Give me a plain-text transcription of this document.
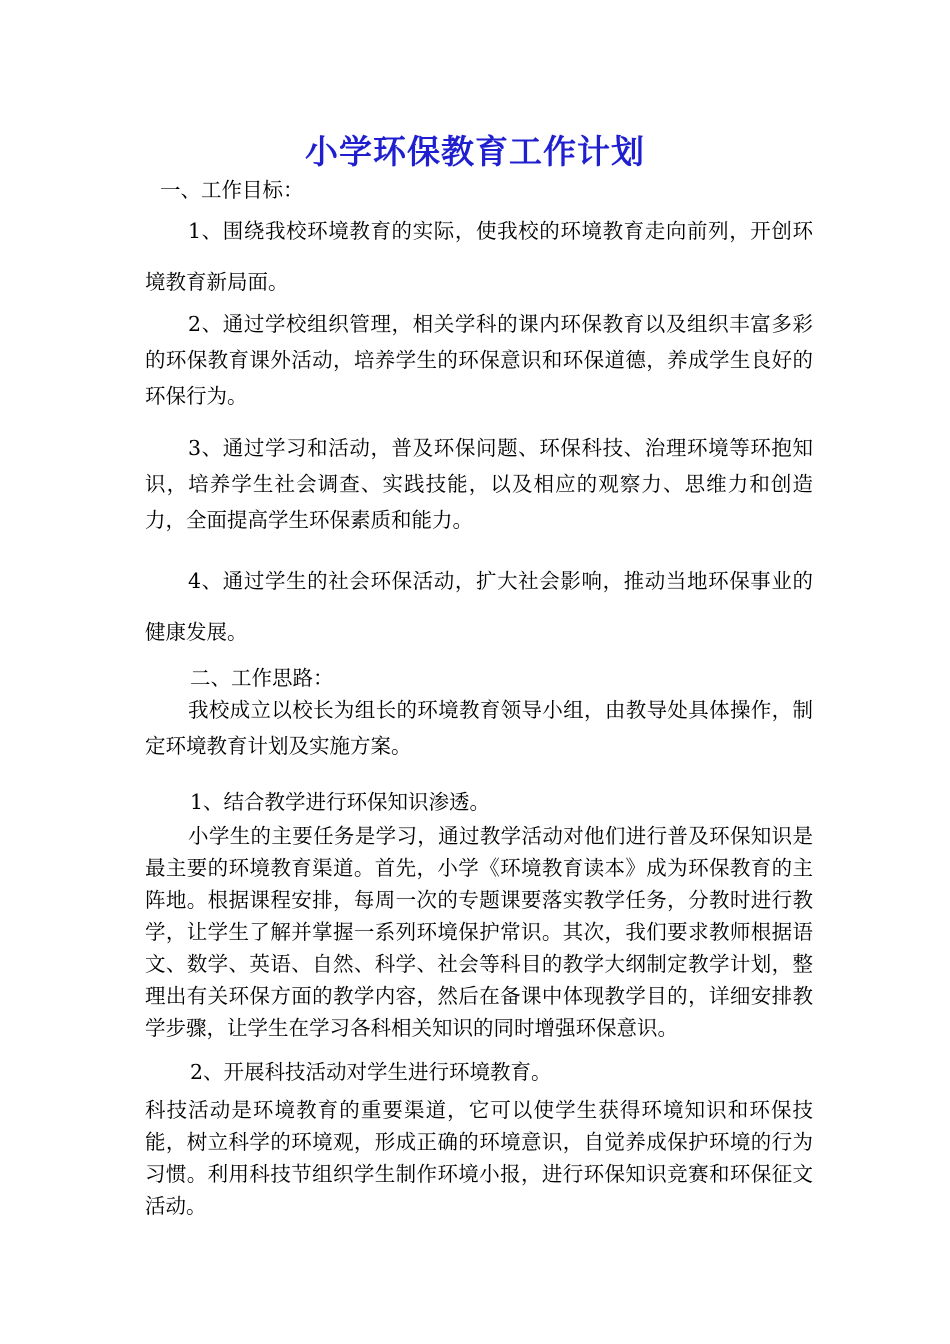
小学环保教育工作计划
一、工作目标：
1、围绕我校环境教育的实际，使我校的环境教育走向前列，开创环境教育新局面。
2、通过学校组织管理，相关学科的课内环保教育以及组织丰富多彩的环保教育课外活动，培养学生的环保意识和环保道德，养成学生良好的环保行为。
3、通过学习和活动，普及环保问题、环保科技、治理环境等环抱知识，培养学生社会调查、实践技能，以及相应的观察力、思维力和创造力，全面提高学生环保素质和能力。
4、通过学生的社会环保活动，扩大社会影响，推动当地环保事业的健康发展。
二、工作思路：
我校成立以校长为组长的环境教育领导小组，由教导处具体操作，制定环境教育计划及实施方案。
1、结合教学进行环保知识渗透。
小学生的主要任务是学习，通过教学活动对他们进行普及环保知识是最主要的环境教育渠道。首先，小学《环境教育读本》成为环保教育的主阵地。根据课程安排，每周一次的专题课要落实教学任务，分教时进行教学，让学生了解并掌握一系列环境保护常识。其次，我们要求教师根据语文、数学、英语、自然、科学、社会等科目的教学大纲制定教学计划，整理出有关环保方面的教学内容，然后在备课中体现教学目的，详细安排教学步骤，让学生在学习各科相关知识的同时增强环保意识。
2、开展科技活动对学生进行环境教育。
科技活动是环境教育的重要渠道，它可以使学生获得环境知识和环保技能，树立科学的环境观，形成正确的环境意识，自觉养成保护环境的行为习惯。利用科技节组织学生制作环境小报，进行环保知识竞赛和环保征文活动。
